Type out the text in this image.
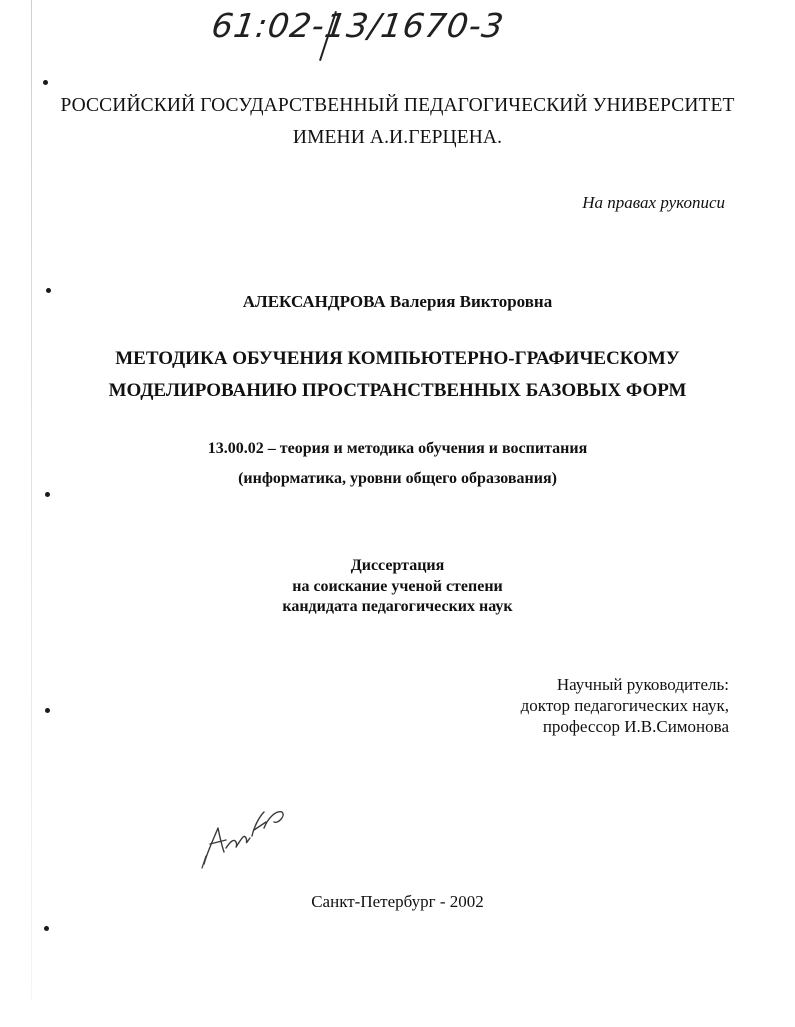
61:02-13/1670-3
РОССИЙСКИЙ ГОСУДАРСТВЕННЫЙ ПЕДАГОГИЧЕСКИЙ УНИВЕРСИТЕТ
ИМЕНИ А.И.ГЕРЦЕНА.
На правах рукописи
АЛЕКСАНДРОВА Валерия Викторовна
МЕТОДИКА ОБУЧЕНИЯ КОМПЬЮТЕРНО-ГРАФИЧЕСКОМУ
МОДЕЛИРОВАНИЮ ПРОСТРАНСТВЕННЫХ БАЗОВЫХ ФОРМ
13.00.02 – теория и методика обучения и воспитания
(информатика, уровни общего образования)
Диссертация
на соискание ученой степени
кандидата педагогических наук
Научный руководитель:
доктор педагогических наук,
профессор И.В.Симонова
Санкт-Петербург - 2002
